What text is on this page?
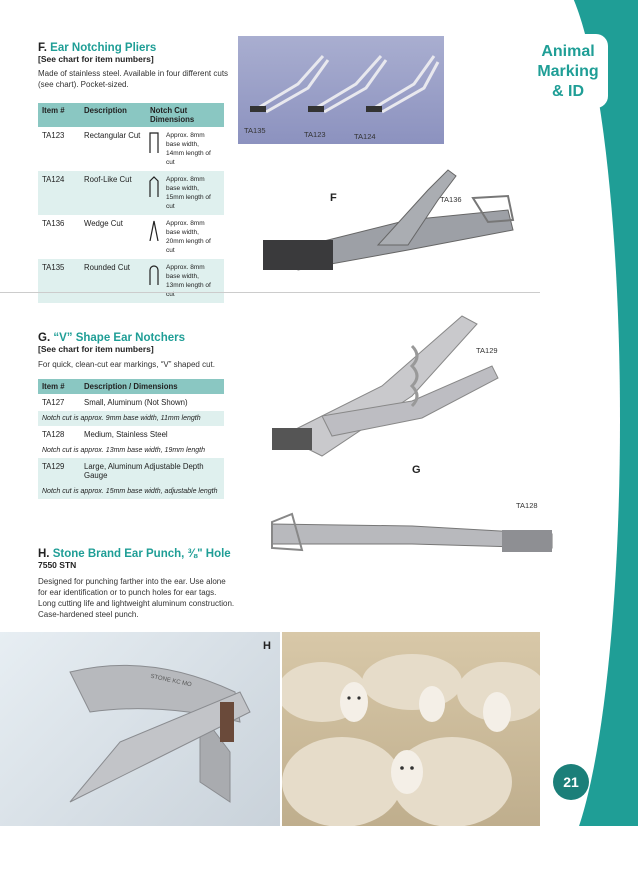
Animal
Marking
& ID
21
F. Ear Notching Pliers
[See chart for item numbers]
Made of stainless steel. Available in four different cuts
(see chart). Pocket-sized.
Item #	Description	Notch Cut Dimensions
TA123	Rectangular Cut	Approx. 8mm base width,
14mm length of cut

TA124	Roof-Like Cut	Approx. 8mm base width,
15mm length of cut

TA136	Wedge Cut	Approx. 8mm base width,
20mm length of cut

TA135	Rounded Cut	Approx. 8mm base width,
13mm length of cut
TA135	TA123	TA124
F	TA136
G. “V” Shape Ear Notchers
[See chart for item numbers]
For quick, clean-cut ear markings, “V” shaped cut.
Item #	Description / Dimensions
TA127	Small, Aluminum (Not Shown)
Notch cut is approx. 9mm base width, 11mm length	
TA128	Medium, Stainless Steel
Notch cut is approx. 13mm base width, 19mm length	
TA129	Large, Aluminum Adjustable Depth Gauge
Notch cut is approx. 15mm base width, adjustable length	
TA129
G
TA128
H. Stone Brand Ear Punch, ⅜" Hole
7550 STN
Designed for punching farther into the ear. Use alone
for ear identification or to punch holes for ear tags.
Long cutting life and lightweight aluminum construction.
Case-hardened steel punch.
STONE KC MO
H
